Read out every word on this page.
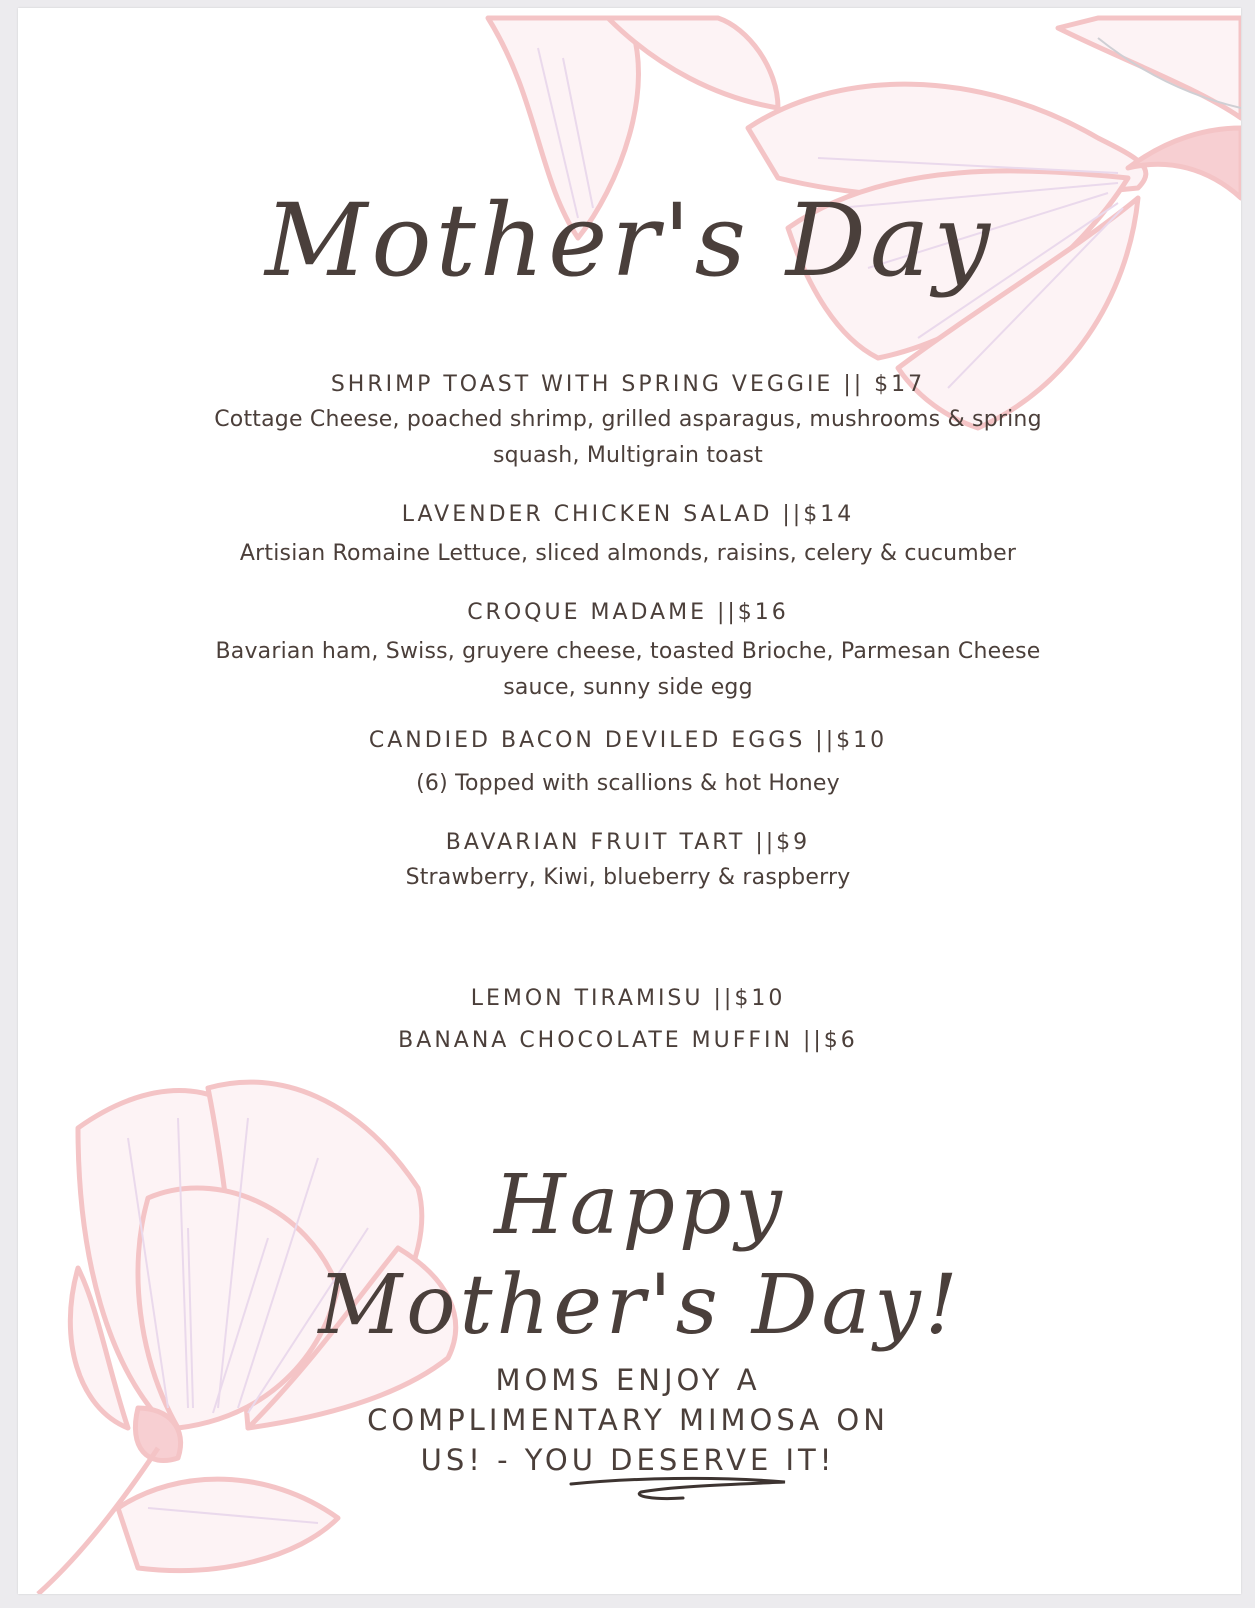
Mother's Day
SHRIMP TOAST WITH SPRING VEGGIE || $17
Cottage Cheese, poached shrimp, grilled asparagus, mushrooms & spring squash, Multigrain toast
LAVENDER CHICKEN SALAD ||$14
Artisian Romaine Lettuce, sliced almonds, raisins, celery & cucumber
CROQUE MADAME ||$16
Bavarian ham, Swiss, gruyere cheese, toasted Brioche, Parmesan Cheese sauce, sunny side egg
CANDIED BACON DEVILED EGGS ||$10
(6) Topped with scallions & hot Honey
BAVARIAN FRUIT TART ||$9
Strawberry, Kiwi, blueberry & raspberry
LEMON TIRAMISU ||$10
BANANA CHOCOLATE MUFFIN ||$6
Happy Mother's Day!
MOMS ENJOY A COMPLIMENTARY MIMOSA ON US! - YOU DESERVE IT!
